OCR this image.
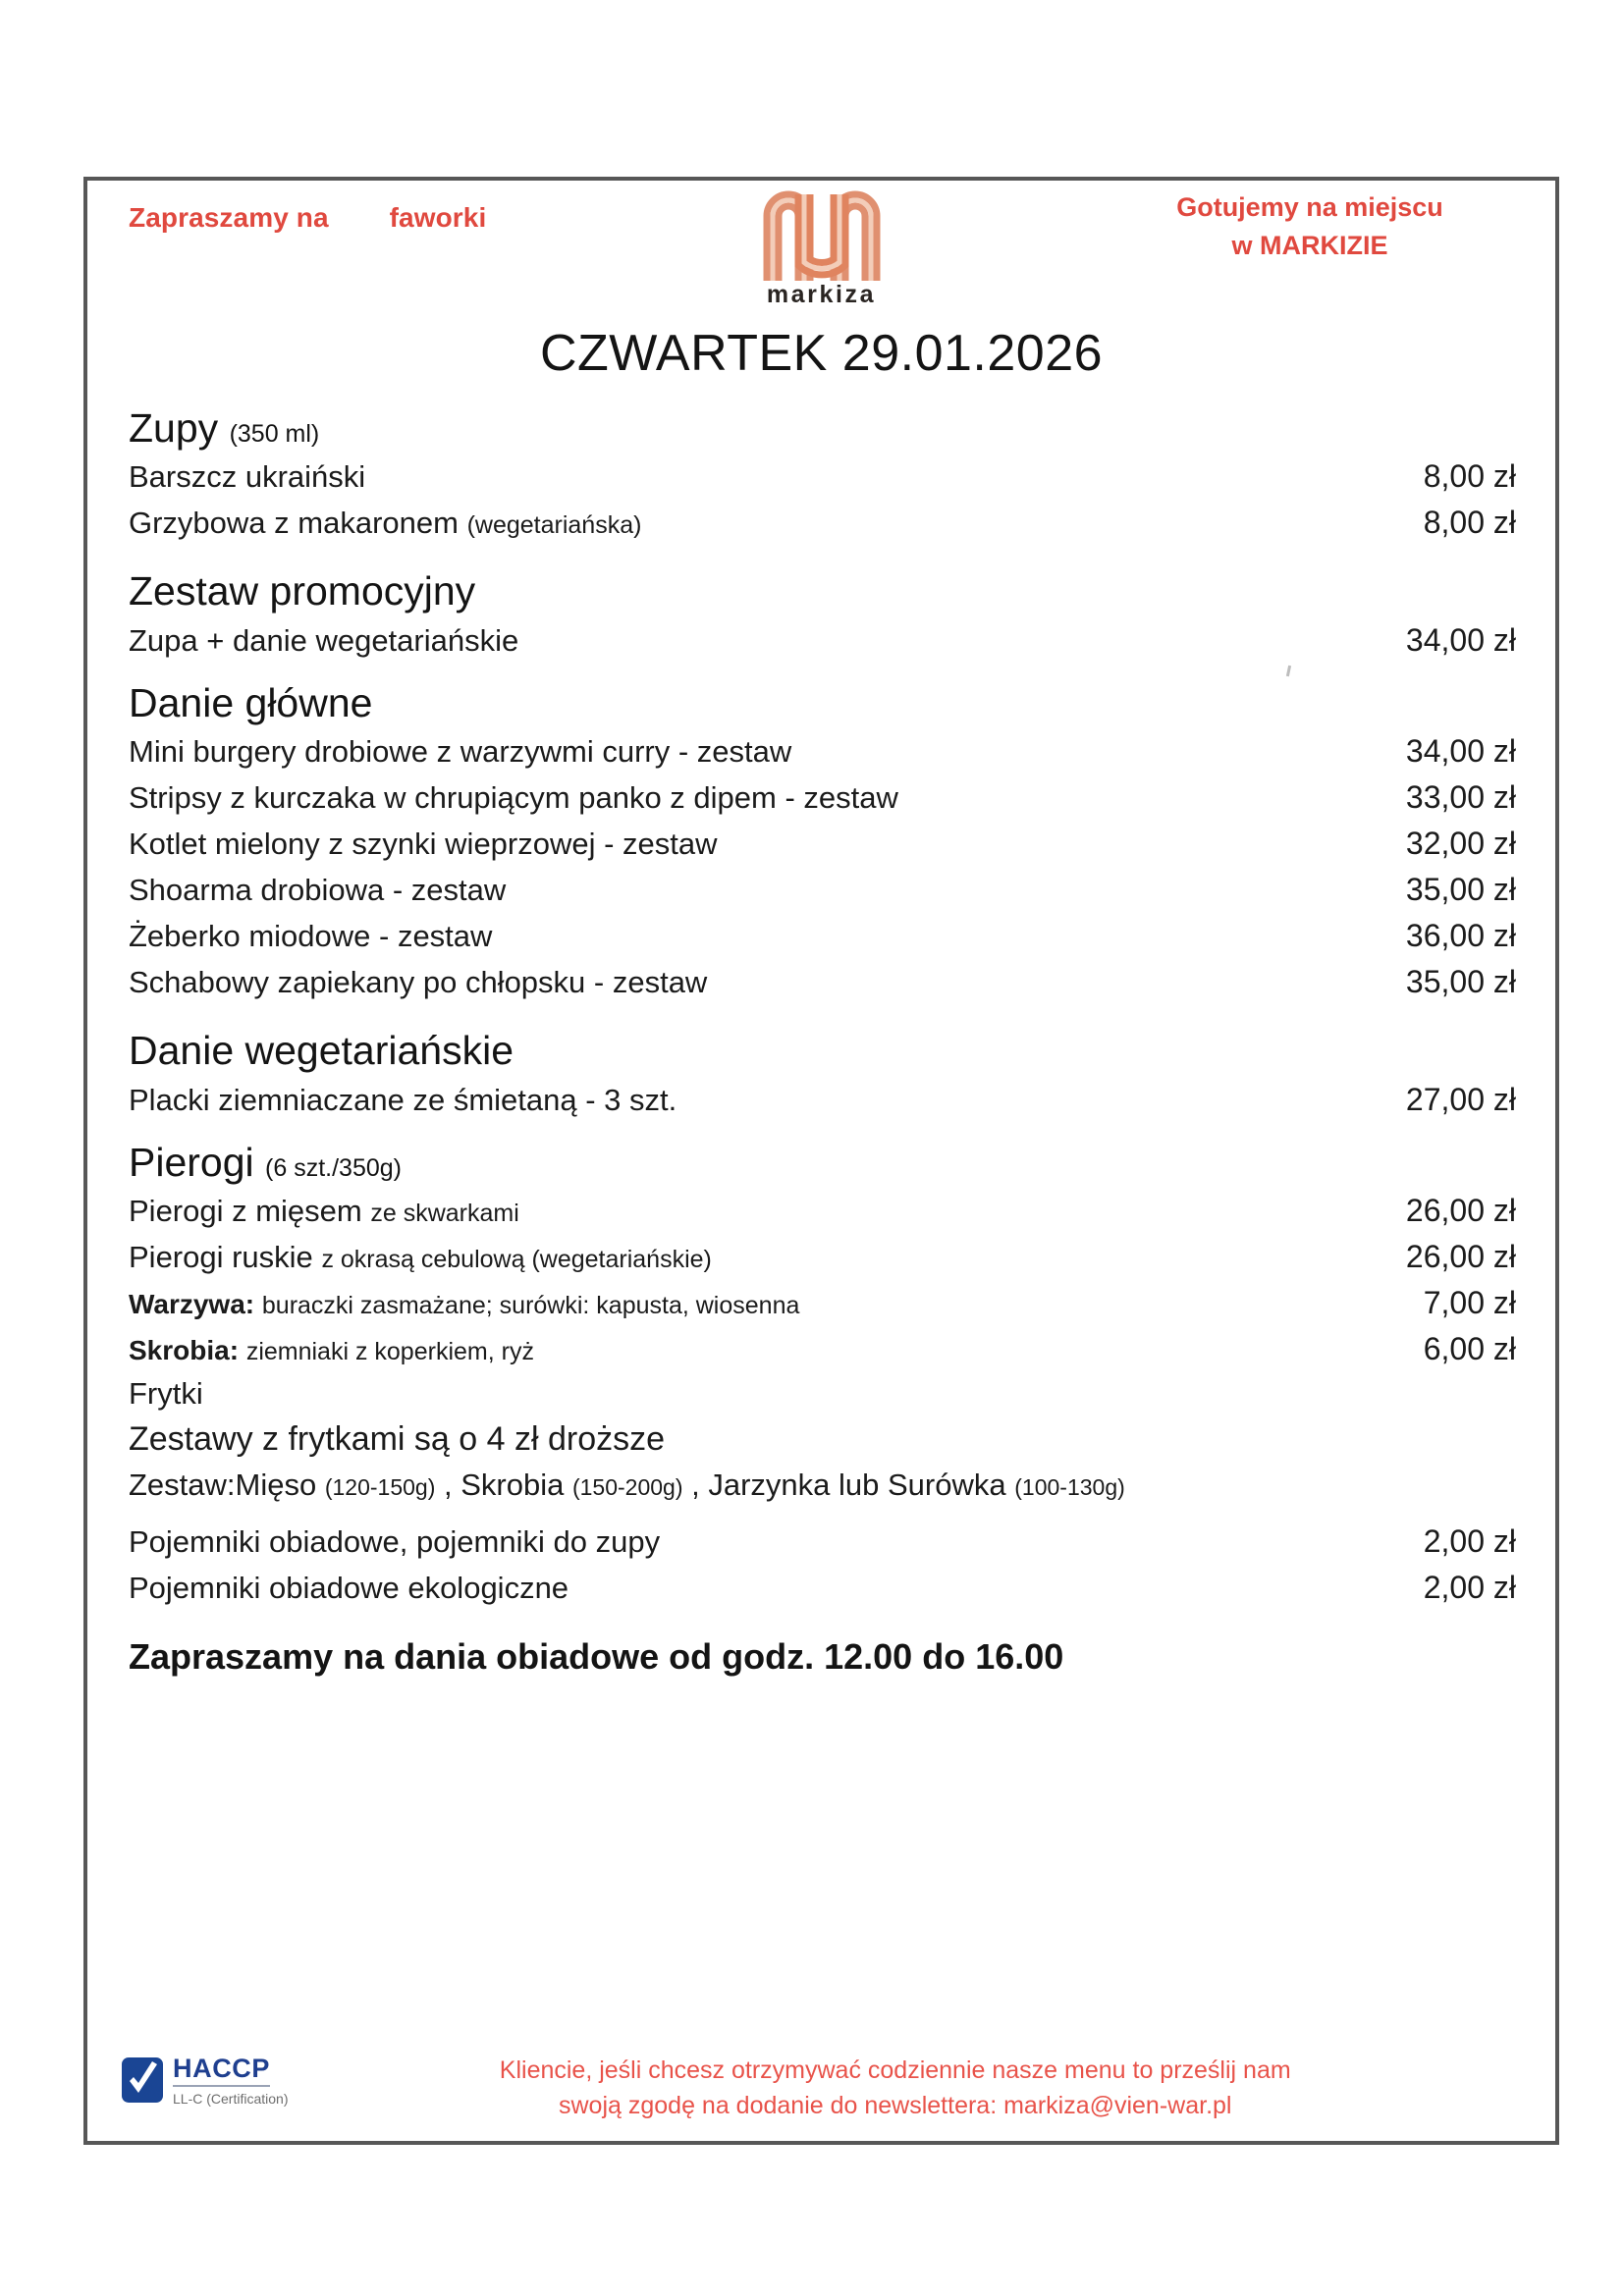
Zapraszamy na faworki
markiza
Gotujemy na miejscu
w MARKIZIE
CZWARTEK 29.01.2026
Zupy (350 ml)
Barszcz ukraiński	8,00 zł
Grzybowa z makaronem (wegetariańska)	8,00 zł
Zestaw promocyjny
Zupa + danie wegetariańskie	34,00 zł
Danie główne
Mini burgery drobiowe z warzywmi curry - zestaw	34,00 zł
Stripsy z kurczaka w chrupiącym panko z dipem - zestaw	33,00 zł
Kotlet mielony z szynki wieprzowej - zestaw	32,00 zł
Shoarma drobiowa - zestaw	35,00 zł
Żeberko miodowe - zestaw	36,00 zł
Schabowy zapiekany po chłopsku - zestaw	35,00 zł
Danie wegetariańskie
Placki ziemniaczane ze śmietaną - 3 szt.	27,00 zł
Pierogi (6 szt./350g)
Pierogi z mięsem ze skwarkami	26,00 zł
Pierogi ruskie z okrasą cebulową (wegetariańskie)	26,00 zł
Warzywa: buraczki zasmażane; surówki: kapusta, wiosenna	7,00 zł
Skrobia: ziemniaki z koperkiem, ryż	6,00 zł
Frytki
Zestawy z frytkami są o 4 zł droższe
Zestaw:Mięso (120-150g) , Skrobia (150-200g) , Jarzynka lub Surówka (100-130g)
Pojemniki obiadowe, pojemniki do zupy	2,00 zł
Pojemniki obiadowe ekologiczne	2,00 zł
Zapraszamy na dania obiadowe od godz. 12.00 do 16.00
HACCP
LL-C (Certification)
Kliencie, jeśli chcesz otrzymywać codziennie nasze menu to prześlij nam
swoją zgodę na dodanie do newslettera: markiza@vien-war.pl
